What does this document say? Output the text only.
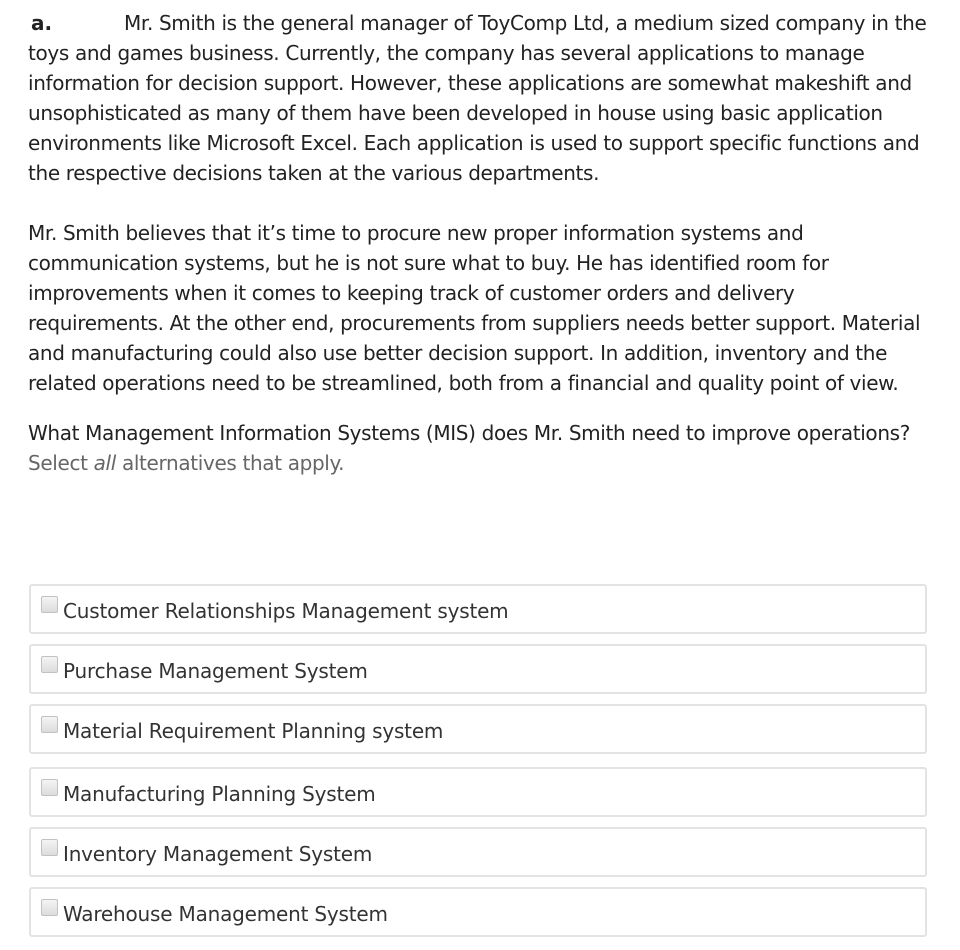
a.	Mr. Smith is the general manager of ToyComp Ltd, a medium sized company in the toys and games business. Currently, the company has several applications to manage information for decision support. However, these applications are somewhat makeshift and unsophisticated as many of them have been developed in house using basic application environments like Microsoft Excel. Each application is used to support specific functions and the respective decisions taken at the various departments.

Mr. Smith believes that it’s time to procure new proper information systems and communication systems, but he is not sure what to buy. He has identified room for improvements when it comes to keeping track of customer orders and delivery requirements. At the other end, procurements from suppliers needs better support. Material and manufacturing could also use better decision support. In addition, inventory and the related operations need to be streamlined, both from a financial and quality point of view.

What Management Information Systems (MIS) does Mr. Smith need to improve operations?
Select all alternatives that apply.
Customer Relationships Management system
Purchase Management System
Material Requirement Planning system
Manufacturing Planning System
Inventory Management System
Warehouse Management System
